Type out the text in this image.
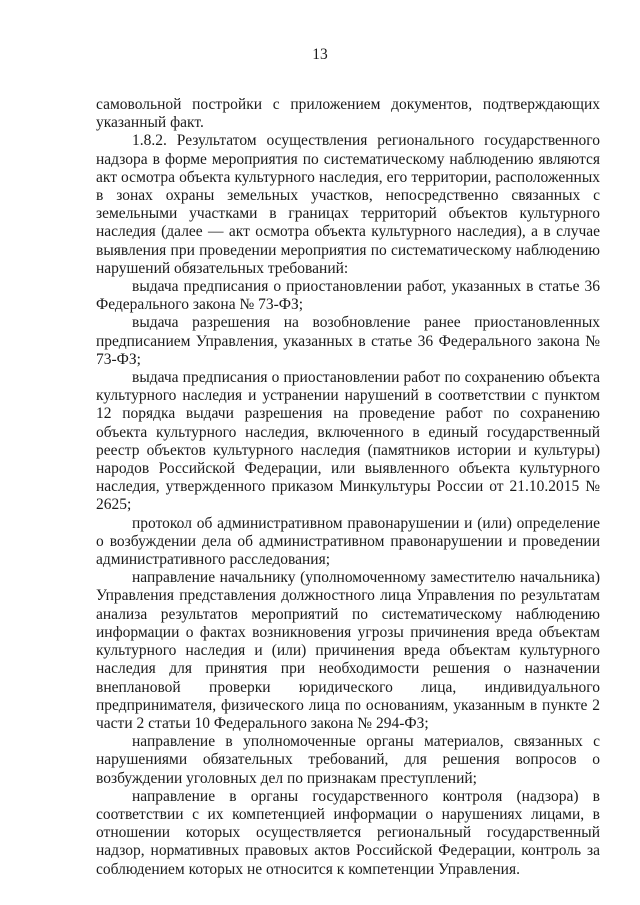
13

самовольной постройки с приложением документов, подтверждающих указанный факт.

1.8.2. Результатом осуществления регионального государственного надзора в форме мероприятия по систематическому наблюдению являются акт осмотра объекта культурного наследия, его территории, расположенных в зонах охраны земельных участков, непосредственно связанных с земельными участками в границах территорий объектов культурного наследия (далее — акт осмотра объекта культурного наследия), а в случае выявления при проведении мероприятия по систематическому наблюдению нарушений обязательных требований:

выдача предписания о приостановлении работ, указанных в статье 36 Федерального закона № 73-ФЗ;

выдача разрешения на возобновление ранее приостановленных предписанием Управления, указанных в статье 36 Федерального закона № 73-ФЗ;

выдача предписания о приостановлении работ по сохранению объекта культурного наследия и устранении нарушений в соответствии с пунктом 12 порядка выдачи разрешения на проведение работ по сохранению объекта культурного наследия, включенного в единый государственный реестр объектов культурного наследия (памятников истории и культуры) народов Российской Федерации, или выявленного объекта культурного наследия, утвержденного приказом Минкультуры России от 21.10.2015 № 2625;

протокол об административном правонарушении и (или) определение о возбуждении дела об административном правонарушении и проведении административного расследования;

направление начальнику (уполномоченному заместителю начальника) Управления представления должностного лица Управления по результатам анализа результатов мероприятий по систематическому наблюдению информации о фактах возникновения угрозы причинения вреда объектам культурного наследия и (или) причинения вреда объектам культурного наследия для принятия при необходимости решения о назначении внеплановой проверки юридического лица, индивидуального предпринимателя, физического лица по основаниям, указанным в пункте 2 части 2 статьи 10 Федерального закона № 294-ФЗ;

направление в уполномоченные органы материалов, связанных с нарушениями обязательных требований, для решения вопросов о возбуждении уголовных дел по признакам преступлений;

направление в органы государственного контроля (надзора) в соответствии с их компетенцией информации о нарушениях лицами, в отношении которых осуществляется региональный государственный надзор, нормативных правовых актов Российской Федерации, контроль за соблюдением которых не относится к компетенции Управления.
